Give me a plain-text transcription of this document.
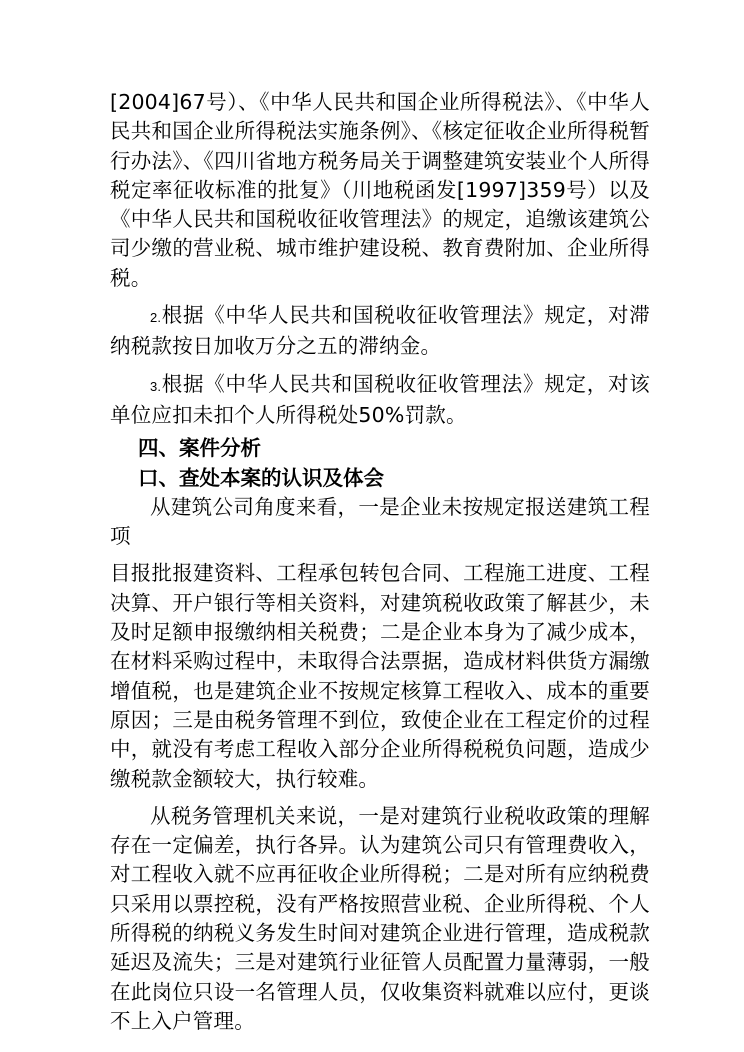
[2004]67号）、《中华人民共和国企业所得税法》、《中华人民共和国企业所得税法实施条例》、《核定征收企业所得税暂行办法》、《四川省地方税务局关于调整建筑安装业个人所得税定率征收标准的批复》（川地税函发[1997]359号）以及《中华人民共和国税收征收管理法》的规定，追缴该建筑公司少缴的营业税、城市维护建设税、教育费附加、企业所得税。

2.根据《中华人民共和国税收征收管理法》规定，对滞纳税款按日加收万分之五的滞纳金。

3.根据《中华人民共和国税收征收管理法》规定，对该单位应扣未扣个人所得税处50%罚款。

四、案件分析

口、查处本案的认识及体会

从建筑公司角度来看，一是企业未按规定报送建筑工程项

目报批报建资料、工程承包转包合同、工程施工进度、工程决算、开户银行等相关资料，对建筑税收政策了解甚少，未及时足额申报缴纳相关税费；二是企业本身为了减少成本，在材料采购过程中，未取得合法票据，造成材料供货方漏缴增值税，也是建筑企业不按规定核算工程收入、成本的重要原因；三是由税务管理不到位，致使企业在工程定价的过程中，就没有考虑工程收入部分企业所得税税负问题，造成少缴税款金额较大，执行较难。

从税务管理机关来说，一是对建筑行业税收政策的理解存在一定偏差，执行各异。认为建筑公司只有管理费收入，对工程收入就不应再征收企业所得税；二是对所有应纳税费只采用以票控税，没有严格按照营业税、企业所得税、个人所得税的纳税义务发生时间对建筑企业进行管理，造成税款延迟及流失；三是对建筑行业征管人员配置力量薄弱，一般在此岗位只设一名管理人员，仅收集资料就难以应付，更谈不上入户管理。
